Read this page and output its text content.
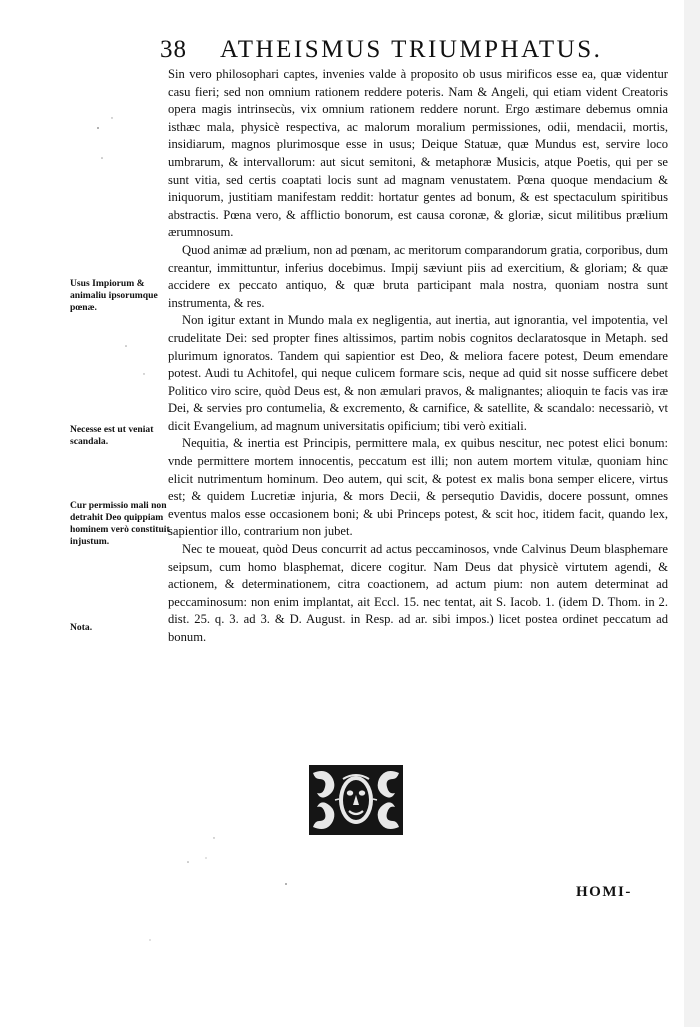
38 ATHEISMUS TRIUMPHATUS.

Sin vero philosophari captes, invenies valde à proposito ob usus mirificos esse ea, quæ videntur casu fieri; sed non omnium rationem reddere poteris. Nam & Angeli, qui etiam vident Creatoris opera magis intrinsecùs, vix omnium rationem reddere norunt. Ergo æstimare debemus omnia isthæc mala, physicè respectiva, ac malorum moralium permissiones, odii, mendacii, mortis, insidiarum, magnos plurimosque esse in usus; Deique Statuæ, quæ Mundus est, servire loco umbrarum, & intervallorum: aut sicut semitoni, & metaphoræ Musicis, atque Poetis, qui per se sunt vitia, sed certis coaptati locis sunt ad magnam venustatem. Pœna quoque mendacium & iniquorum, justitiam manifestam reddit: hortatur gentes ad bonum, & est spectaculum spiritibus abstractis. Pœna vero, & afflictio bonorum, est causa coronæ, & gloriæ, sicut militibus prælium ærumnosum.

Quod animæ ad prælium, non ad pœnam, ac meritorum comparandorum gratia, corporibus, dum creantur, immittuntur, inferius docebimus. Impij sæviunt piis ad exercitium, & gloriam; & quæ accidere ex peccato antiquo, & quæ bruta participant mala nostra, quoniam nostra sunt instrumenta, & res.

Non igitur extant in Mundo mala ex negligentia, aut inertia, aut ignorantia, vel impotentia, vel crudelitate Dei: sed propter fines altissimos, partim nobis cognitos declaratosque in Metaph. sed plurimum ignoratos. Tandem qui sapientior est Deo, & meliora facere potest, Deum emendare potest. Audi tu Achitofel, qui neque culicem formare scis, neque ad quid sit nosse sufficere debet Politico viro scire, quòd Deus est, & non æmulari pravos, & malignantes; alioquin te facis vas iræ Dei, & servies pro contumelia, & excremento, & carnifice, & satellite, & scandalo: necessariò, vt dicit Evangelium, ad magnum universitatis opificium; tibi verò exitiali.

Nequitia, & inertia est Principis, permittere mala, ex quibus nescitur, nec potest elici bonum: vnde permittere mortem innocentis, peccatum est illi; non autem mortem vitulæ, quoniam hinc elicit nutrimentum hominum. Deo autem, qui scit, & potest ex malis bona semper elicere, virtus est; & quidem Lucretiæ injuria, & mors Decii, & persequtio Davidis, docere possunt, omnes eventus malos esse occasionem boni; & ubi Princeps potest, & scit hoc, itidem facit, quando lex, sapientior illo, contrarium non jubet.

Nec te moueat, quòd Deus concurrit ad actus peccaminosos, vnde Calvinus Deum blasphemare seipsum, cum homo blasphemat, dicere cogitur. Nam Deus dat physicè virtutem agendi, & actionem, & determinationem, citra coactionem, ad actum pium: non autem determinat ad peccaminosum: non enim implantat, ait Eccl. 15. nec tentat, ait S. Iacob. 1. (idem D. Thom. in 2. dist. 25. q. 3. ad 3. & D. August. in Resp. ad ar. sibi impos.) licet postea ordinet peccatum ad bonum.

Usus Impiorum & animaliu ipsorumque pœnæ.
Necesse est ut veniat scandala.
Cur permissio mali non detrahit Deo quippiam hominem verò constituit injustum.
Nota.
HOMI-
